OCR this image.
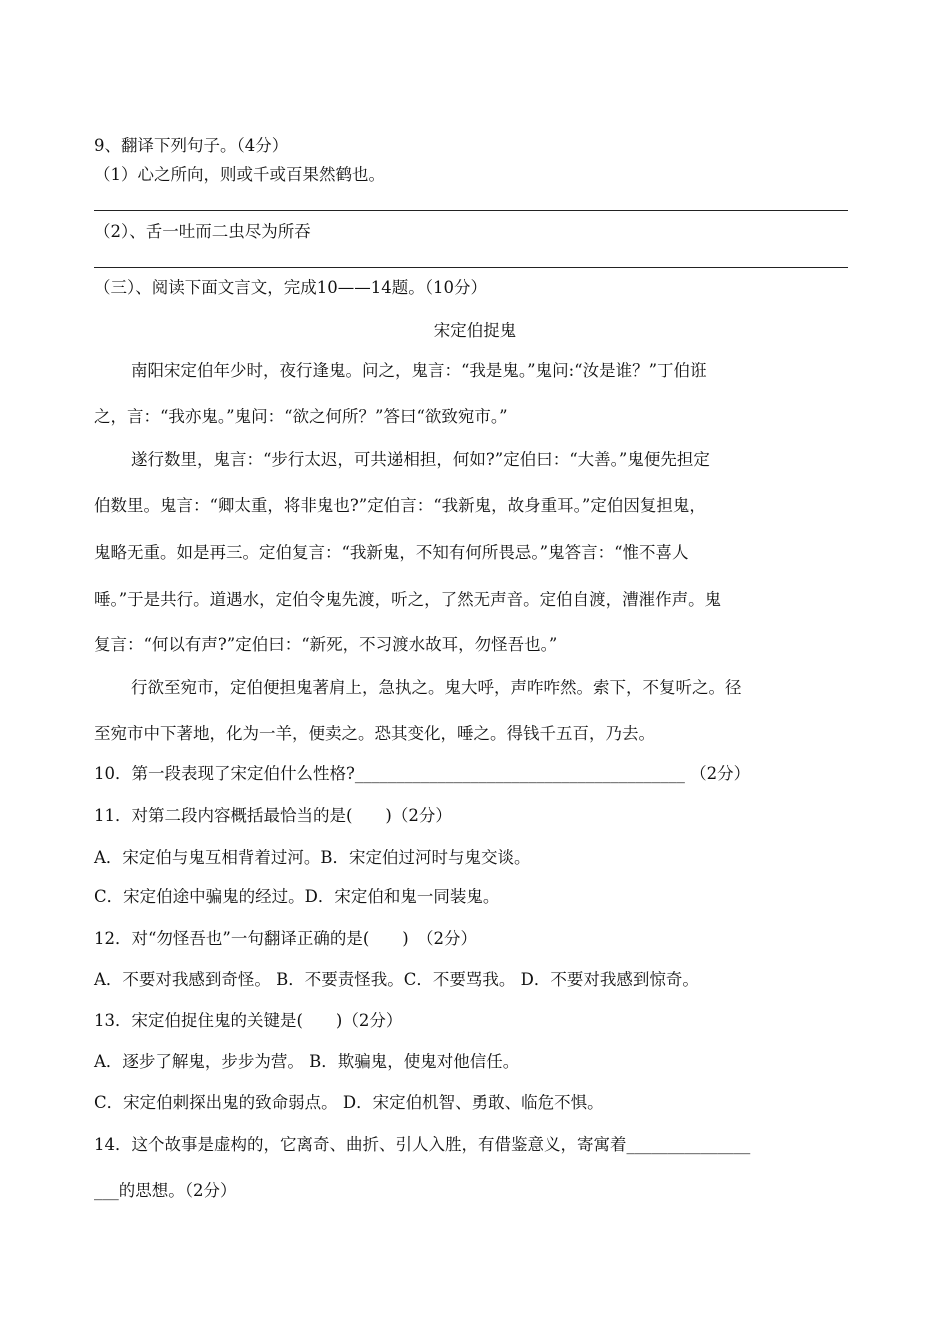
9、翻译下列句子。（4分）
（1）心之所向，则或千或百果然鹤也。
（2）、舌一吐而二虫尽为所吞
（三）、阅读下面文言文，完成10——14题。（10分）
宋定伯捉鬼
南阳宋定伯年少时，夜行逢鬼。问之，鬼言：“我是鬼。”鬼问:“汝是谁？”丁伯诳
之，言：“我亦鬼。”鬼问：“欲之何所？”答曰“欲致宛市。”
遂行数里，鬼言：“步行太迟，可共递相担，何如?”定伯曰：“大善。”鬼便先担定
伯数里。鬼言：“卿太重，将非鬼也?”定伯言：“我新鬼，故身重耳。”定伯因复担鬼，
鬼略无重。如是再三。定伯复言：“我新鬼，不知有何所畏忌。”鬼答言：“惟不喜人
唾。”于是共行。道遇水，定伯令鬼先渡，听之，了然无声音。定伯自渡，漕漼作声。鬼
复言：“何以有声?”定伯曰：“新死，不习渡水故耳，勿怪吾也。”
行欲至宛市，定伯便担鬼著肩上，急执之。鬼大呼，声咋咋然。索下，不复听之。径
至宛市中下著地，化为一羊，便卖之。恐其变化，唾之。得钱千五百，乃去。
10．第一段表现了宋定伯什么性格?________________________________________ （2分）
11．对第二段内容概括最恰当的是(　　)（2分）
A．宋定伯与鬼互相背着过河。B．宋定伯过河时与鬼交谈。
C．宋定伯途中骗鬼的经过。D．宋定伯和鬼一同装鬼。
12．对“勿怪吾也”一句翻译正确的是(　　)　（2分）
A．不要对我感到奇怪。 B．不要责怪我。C．不要骂我。 D．不要对我感到惊奇。
13．宋定伯捉住鬼的关键是(　　)（2分）
A．逐步了解鬼，步步为营。 B．欺骗鬼，使鬼对他信任。
C．宋定伯刺探出鬼的致命弱点。 D．宋定伯机智、勇敢、临危不惧。
14．这个故事是虚构的，它离奇、曲折、引人入胜，有借鉴意义，寄寓着_______________
___的思想。（2分）
